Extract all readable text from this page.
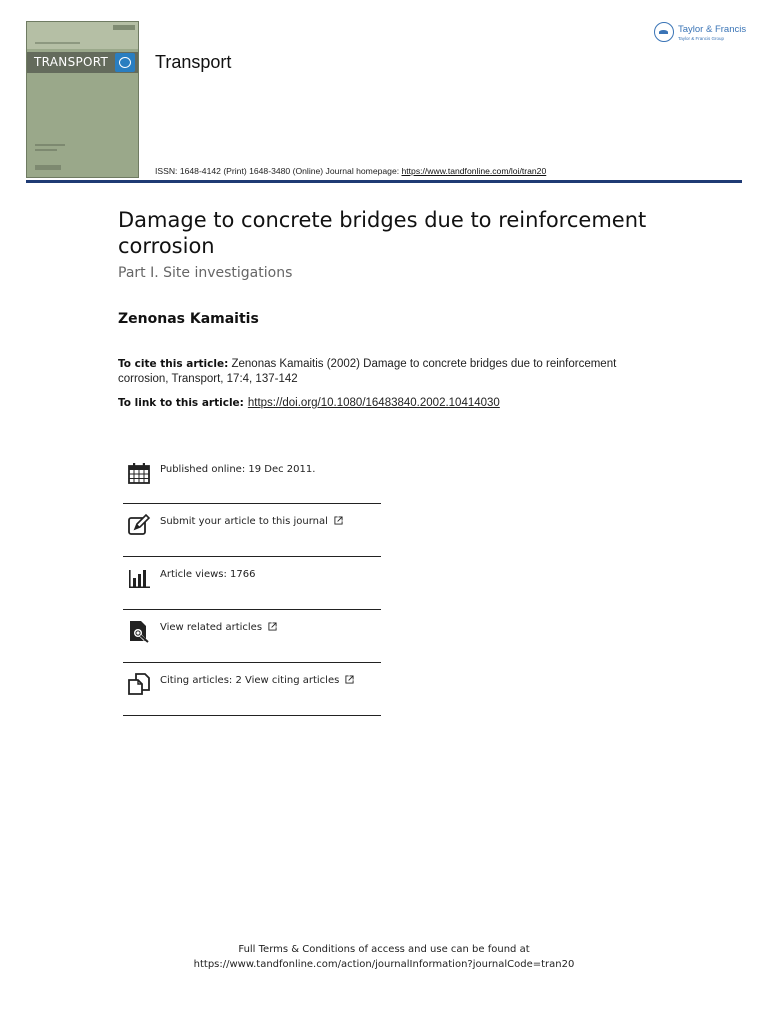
TRANSPORT	Transport
ISSN: 1648-4142 (Print) 1648-3480 (Online) Journal homepage: https://www.tandfonline.com/loi/tran20
Taylor & Francis
Taylor & Francis Group
Damage to concrete bridges due to reinforcement corrosion
Part I. Site investigations
Zenonas Kamaitis
To cite this article: Zenonas Kamaitis (2002) Damage to concrete bridges due to reinforcement corrosion, Transport, 17:4, 137-142
To link to this article: https://doi.org/10.1080/16483840.2002.10414030
Published online: 19 Dec 2011.
Submit your article to this journal
Article views: 1766
View related articles
Citing articles: 2 View citing articles
Full Terms & Conditions of access and use can be found at
https://www.tandfonline.com/action/journalInformation?journalCode=tran20
